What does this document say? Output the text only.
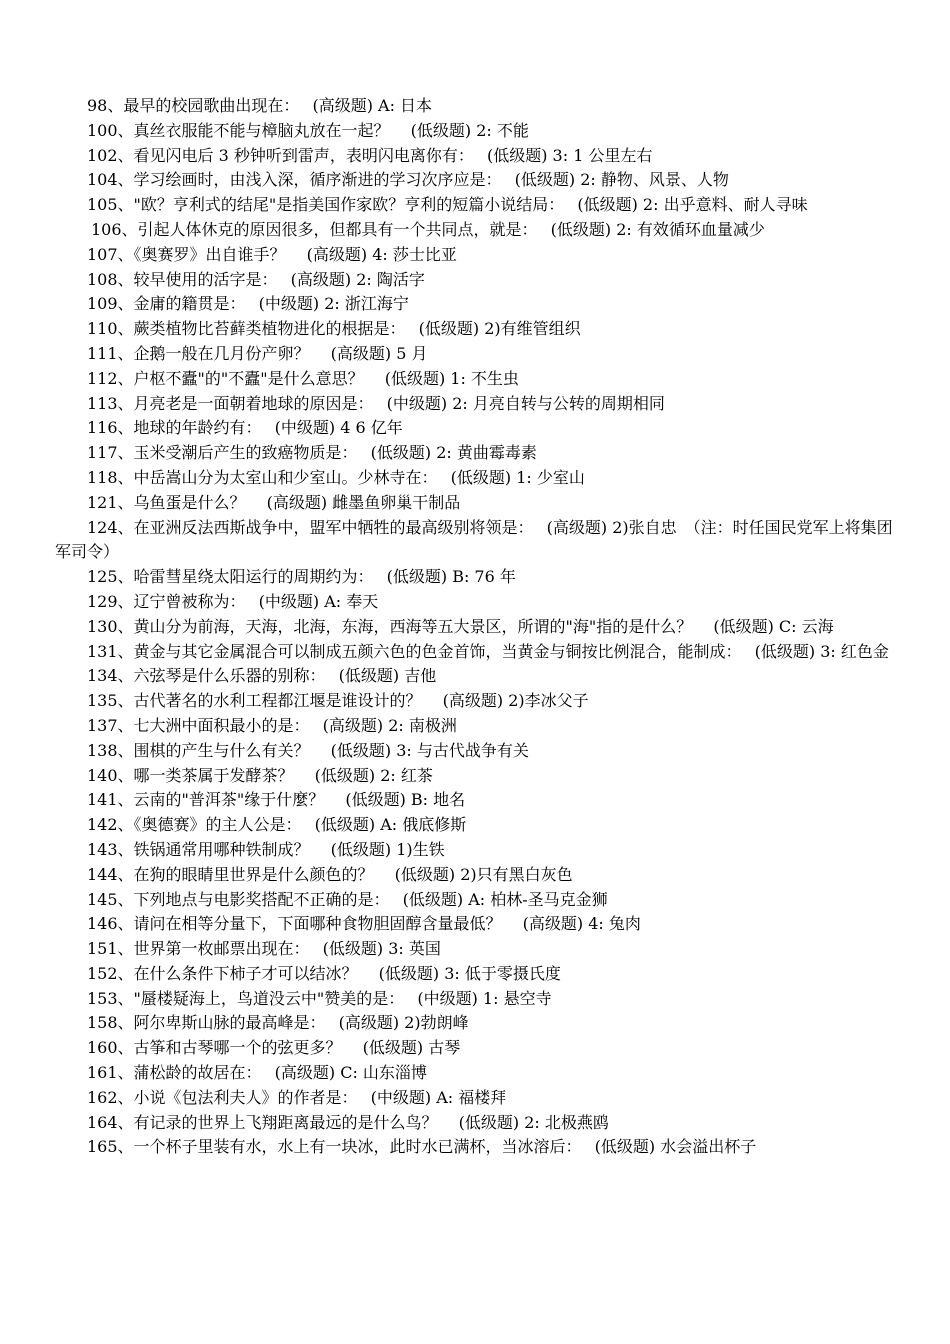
98、最早的校园歌曲出现在：　 (高级题) A: 日本

100、真丝衣服能不能与樟脑丸放在一起？　 (低级题) 2: 不能

102、看见闪电后 3 秒钟听到雷声，表明闪电离你有：　 (低级题) 3: 1 公里左右

104、学习绘画时，由浅入深，循序渐进的学习次序应是：　 (低级题) 2: 静物、风景、人物

105、"欧？亨利式的结尾"是指美国作家欧？亨利的短篇小说结局：　 (低级题) 2: 出乎意料、耐人寻味

106、引起人体休克的原因很多，但都具有一个共同点，就是：　 (低级题) 2: 有效循环血量减少

107、《奥赛罗》出自谁手？　 (高级题) 4: 莎士比亚

108、较早使用的活字是：　 (高级题) 2: 陶活字

109、金庸的籍贯是：　 (中级题) 2: 浙江海宁

110、蕨类植物比苔藓类植物进化的根据是：　 (低级题) 2)有维管组织

111、企鹅一般在几月份产卵？　 (高级题) 5 月

112、户枢不蠹"的"不蠹"是什么意思？　 (低级题) 1: 不生虫

113、月亮老是一面朝着地球的原因是：　 (中级题) 2: 月亮自转与公转的周期相同

116、地球的年龄约有：　 (中级题) 4 6 亿年

117、玉米受潮后产生的致癌物质是：　 (低级题) 2: 黄曲霉毒素

118、中岳嵩山分为太室山和少室山。少林寺在：　 (低级题) 1: 少室山

121、乌鱼蛋是什么？　 (高级题) 雌墨鱼卵巢干制品

124、在亚洲反法西斯战争中，盟军中牺牲的最高级别将领是：　 (高级题) 2)张自忠　（注：时任国民党军上将集团军司令）

125、哈雷彗星绕太阳运行的周期约为：　 (低级题) B: 76 年

129、辽宁曾被称为：　 (中级题) A: 奉天

130、黄山分为前海，天海，北海，东海，西海等五大景区，所谓的"海"指的是什么？　 (低级题) C: 云海

131、黄金与其它金属混合可以制成五颜六色的色金首饰，当黄金与铜按比例混合，能制成：　 (低级题) 3: 红色金

134、六弦琴是什么乐器的别称：　 (低级题) 吉他

135、古代著名的水利工程都江堰是谁设计的？　 (高级题) 2)李冰父子

137、七大洲中面积最小的是：　 (高级题) 2: 南极洲

138、围棋的产生与什么有关？　 (低级题) 3: 与古代战争有关

140、哪一类茶属于发酵茶？　 (低级题) 2: 红茶

141、云南的"普洱茶"缘于什麼？　 (低级题) B: 地名

142、《奥德赛》的主人公是：　 (低级题) A: 俄底修斯

143、铁锅通常用哪种铁制成？　 (低级题) 1)生铁

144、在狗的眼睛里世界是什么颜色的？　 (低级题) 2)只有黑白灰色

145、下列地点与电影奖搭配不正确的是：　 (低级题) A: 柏林-圣马克金狮

146、请问在相等分量下，下面哪种食物胆固醇含量最低？　 (高级题) 4: 兔肉

151、世界第一枚邮票出现在：　 (低级题) 3: 英国

152、在什么条件下柿子才可以结冰？　 (低级题) 3: 低于零摄氏度

153、"蜃楼疑海上，鸟道没云中"赞美的是：　 (中级题) 1: 悬空寺

158、阿尔卑斯山脉的最高峰是：　 (高级题) 2)勃朗峰

160、古筝和古琴哪一个的弦更多？　 (低级题) 古琴

161、蒲松龄的故居在：　 (高级题) C: 山东淄博

162、小说《包法利夫人》的作者是：　 (中级题) A: 福楼拜

164、有记录的世界上飞翔距离最远的是什么鸟？　 (低级题) 2: 北极燕鸥

165、一个杯子里装有水，水上有一块冰，此时水已满杯，当冰溶后：　 (低级题) 水会溢出杯子
